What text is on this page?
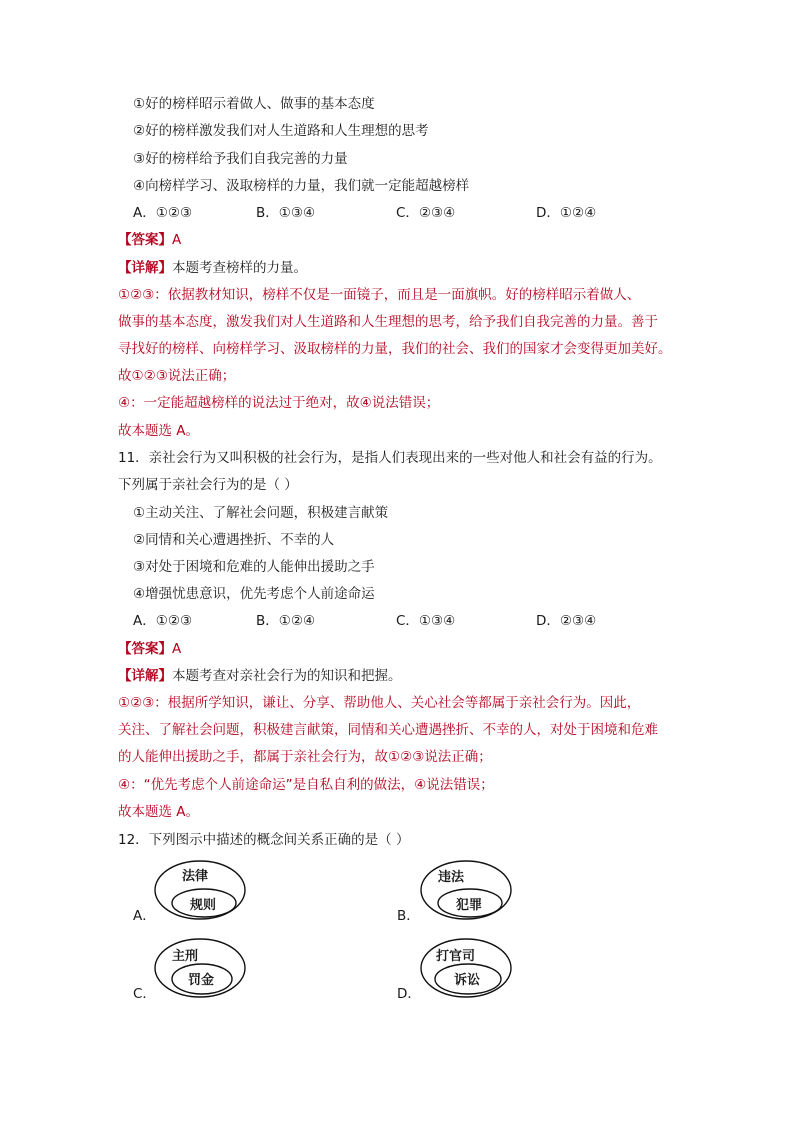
①好的榜样昭示着做人、做事的基本态度
②好的榜样激发我们对人生道路和人生理想的思考
③好的榜样给予我们自我完善的力量
④向榜样学习、汲取榜样的力量，我们就一定能超越榜样
A．①②③	B．①③④	C．②③④	D．①②④
【答案】A
【详解】本题考查榜样的力量。
①②③：依据教材知识，榜样不仅是一面镜子，而且是一面旗帜。好的榜样昭示着做人、
做事的基本态度，激发我们对人生道路和人生理想的思考，给予我们自我完善的力量。善于
寻找好的榜样、向榜样学习、汲取榜样的力量，我们的社会、我们的国家才会变得更加美好。
故①②③说法正确；
④：一定能超越榜样的说法过于绝对，故④说法错误；
故本题选 A。
11．亲社会行为又叫积极的社会行为，是指人们表现出来的一些对他人和社会有益的行为。
下列属于亲社会行为的是（ ）
①主动关注、了解社会问题，积极建言献策
②同情和关心遭遇挫折、不幸的人
③对处于困境和危难的人能伸出援助之手
④增强忧患意识，优先考虑个人前途命运
A．①②③	B．①②④	C．①③④	D．②③④
【答案】A
【详解】本题考查对亲社会行为的知识和把握。
①②③：根据所学知识，谦让、分享、帮助他人、关心社会等都属于亲社会行为。因此，
关注、了解社会问题，积极建言献策，同情和关心遭遇挫折、不幸的人，对处于困境和危难
的人能伸出援助之手，都属于亲社会行为，故①②③说法正确；
④：“优先考虑个人前途命运”是自私自利的做法，④说法错误；
故本题选 A。
12．下列图示中描述的概念间关系正确的是（ ）
A．
法律
规则
B．
违法
犯罪
C．
主刑
罚金
D．
打官司
诉讼
